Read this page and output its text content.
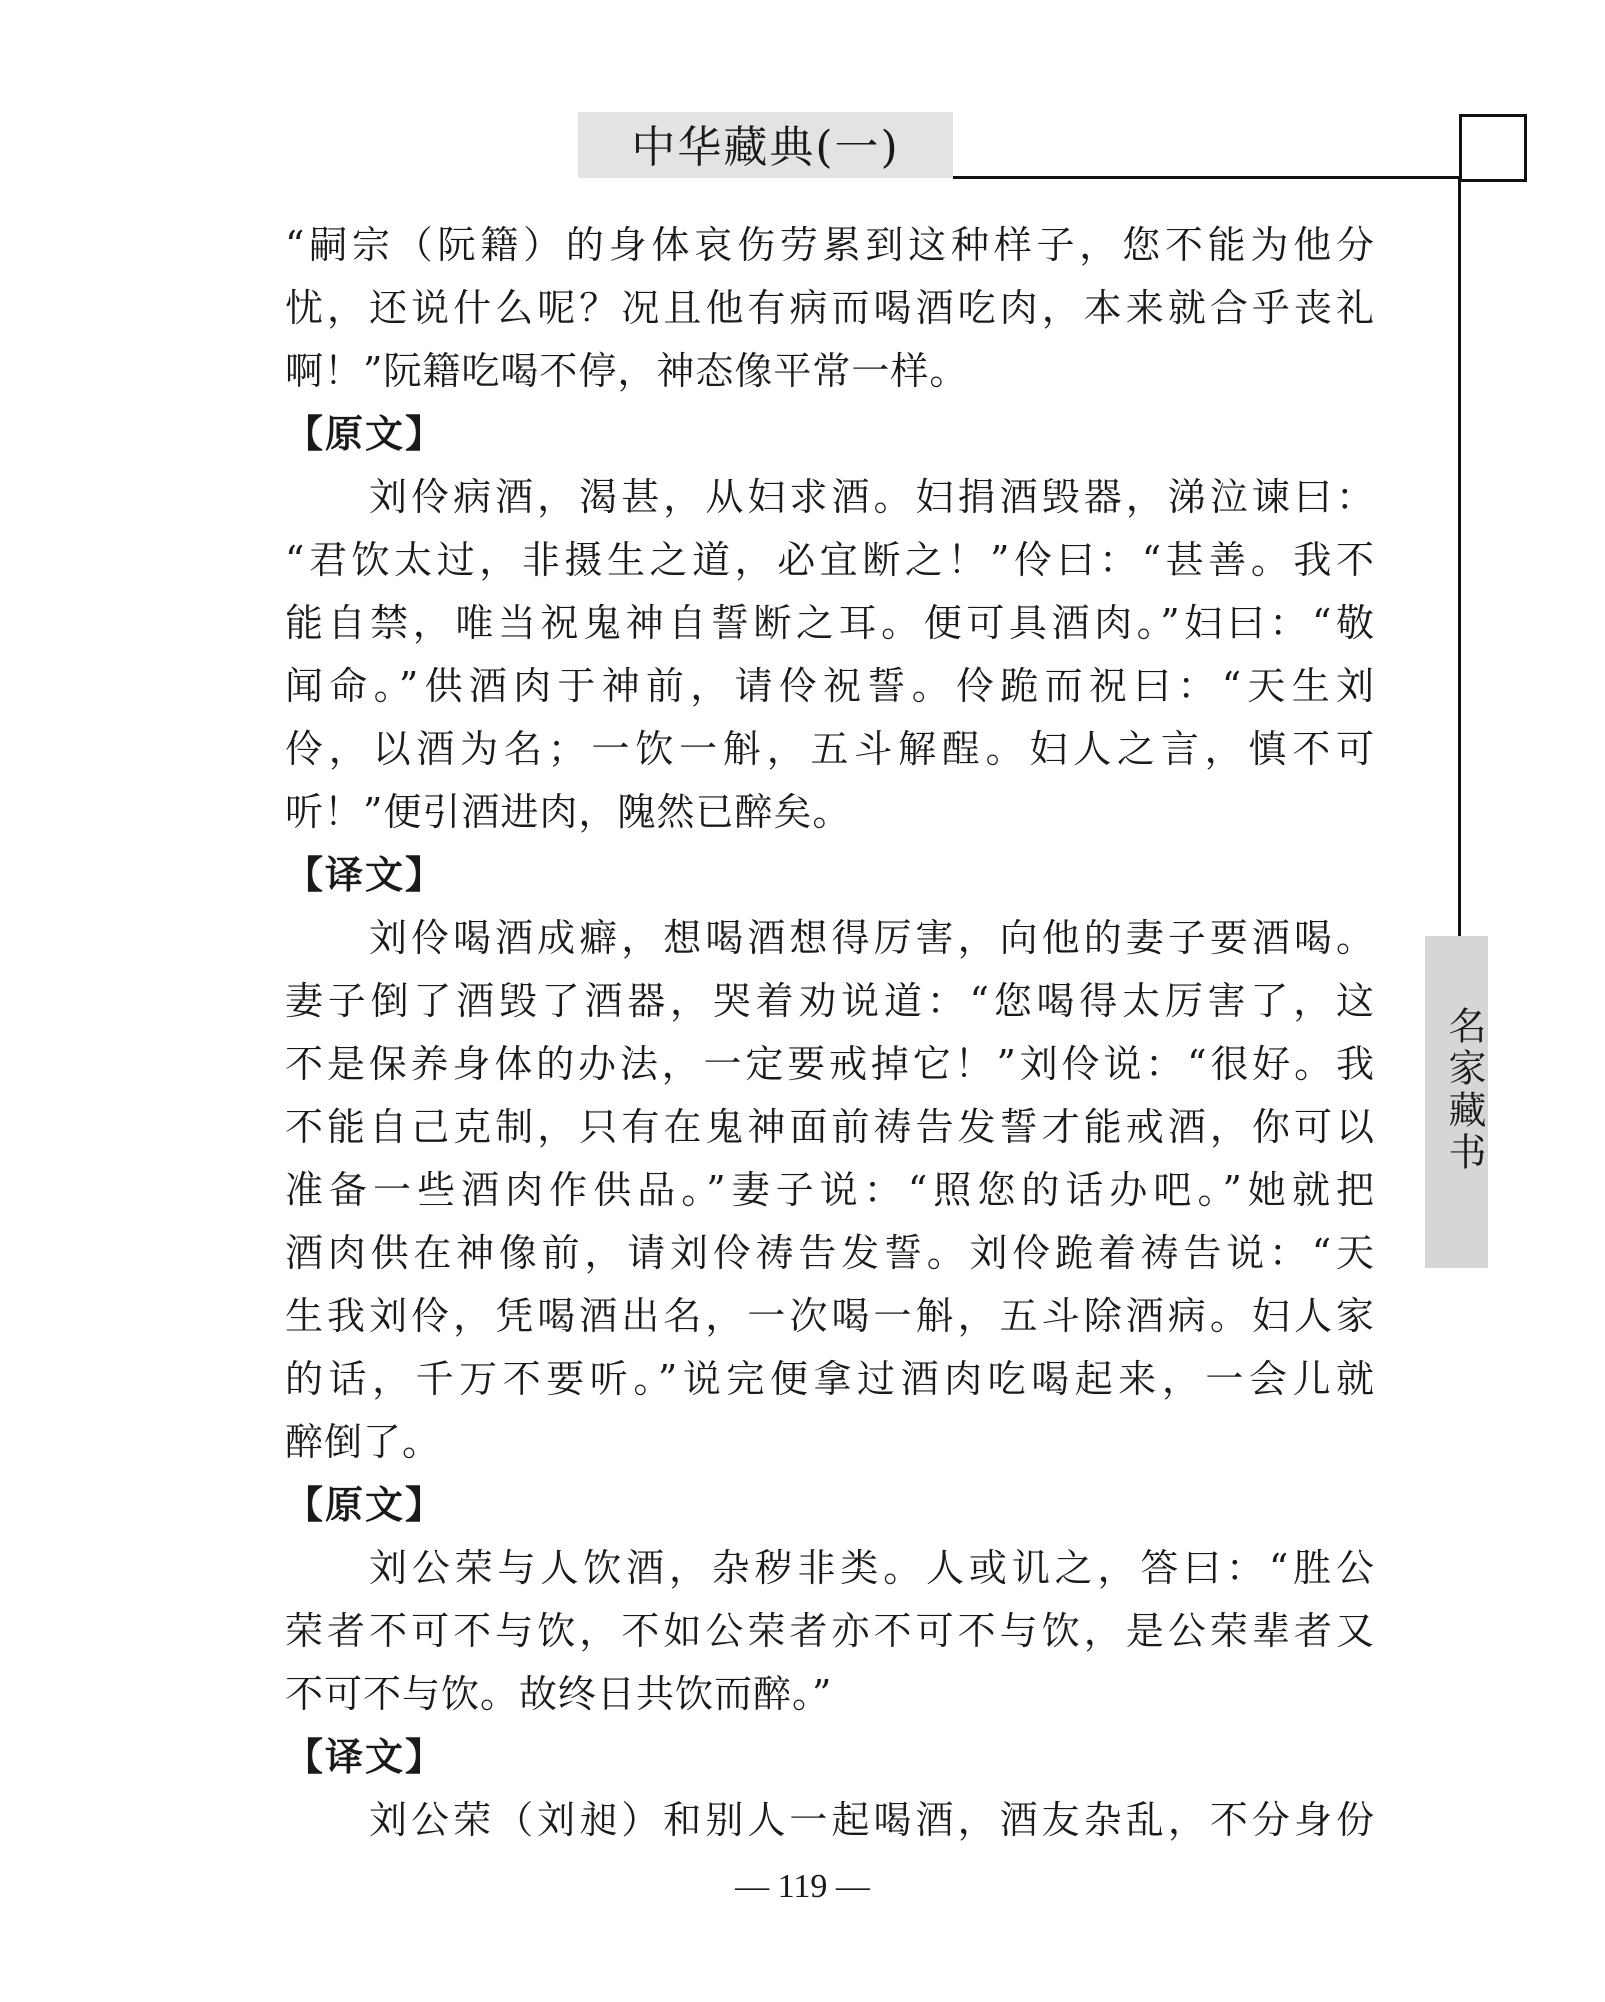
中华藏典(一)
名家藏书
“嗣宗（阮籍）的身体哀伤劳累到这种样子，您不能为他分
忧，还说什么呢？况且他有病而喝酒吃肉，本来就合乎丧礼
啊！”阮籍吃喝不停，神态像平常一样。
【原文】
刘伶病酒，渴甚，从妇求酒。妇捐酒毁器，涕泣谏曰：
“君饮太过，非摄生之道，必宜断之！”伶曰：“甚善。我不
能自禁，唯当祝鬼神自誓断之耳。便可具酒肉。”妇曰：“敬
闻命。”供酒肉于神前，请伶祝誓。伶跪而祝曰：“天生刘
伶，以酒为名；一饮一斛，五斗解酲。妇人之言，慎不可
听！”便引酒进肉，隗然已醉矣。
【译文】
刘伶喝酒成癖，想喝酒想得厉害，向他的妻子要酒喝。
妻子倒了酒毁了酒器，哭着劝说道：“您喝得太厉害了，这
不是保养身体的办法，一定要戒掉它！”刘伶说：“很好。我
不能自己克制，只有在鬼神面前祷告发誓才能戒酒，你可以
准备一些酒肉作供品。”妻子说：“照您的话办吧。”她就把
酒肉供在神像前，请刘伶祷告发誓。刘伶跪着祷告说：“天
生我刘伶，凭喝酒出名，一次喝一斛，五斗除酒病。妇人家
的话，千万不要听。”说完便拿过酒肉吃喝起来，一会儿就
醉倒了。
【原文】
刘公荣与人饮酒，杂秽非类。人或讥之，答曰：“胜公
荣者不可不与饮，不如公荣者亦不可不与饮，是公荣辈者又
不可不与饮。故终日共饮而醉。”
【译文】
刘公荣（刘昶）和别人一起喝酒，酒友杂乱，不分身份
— 119 —
